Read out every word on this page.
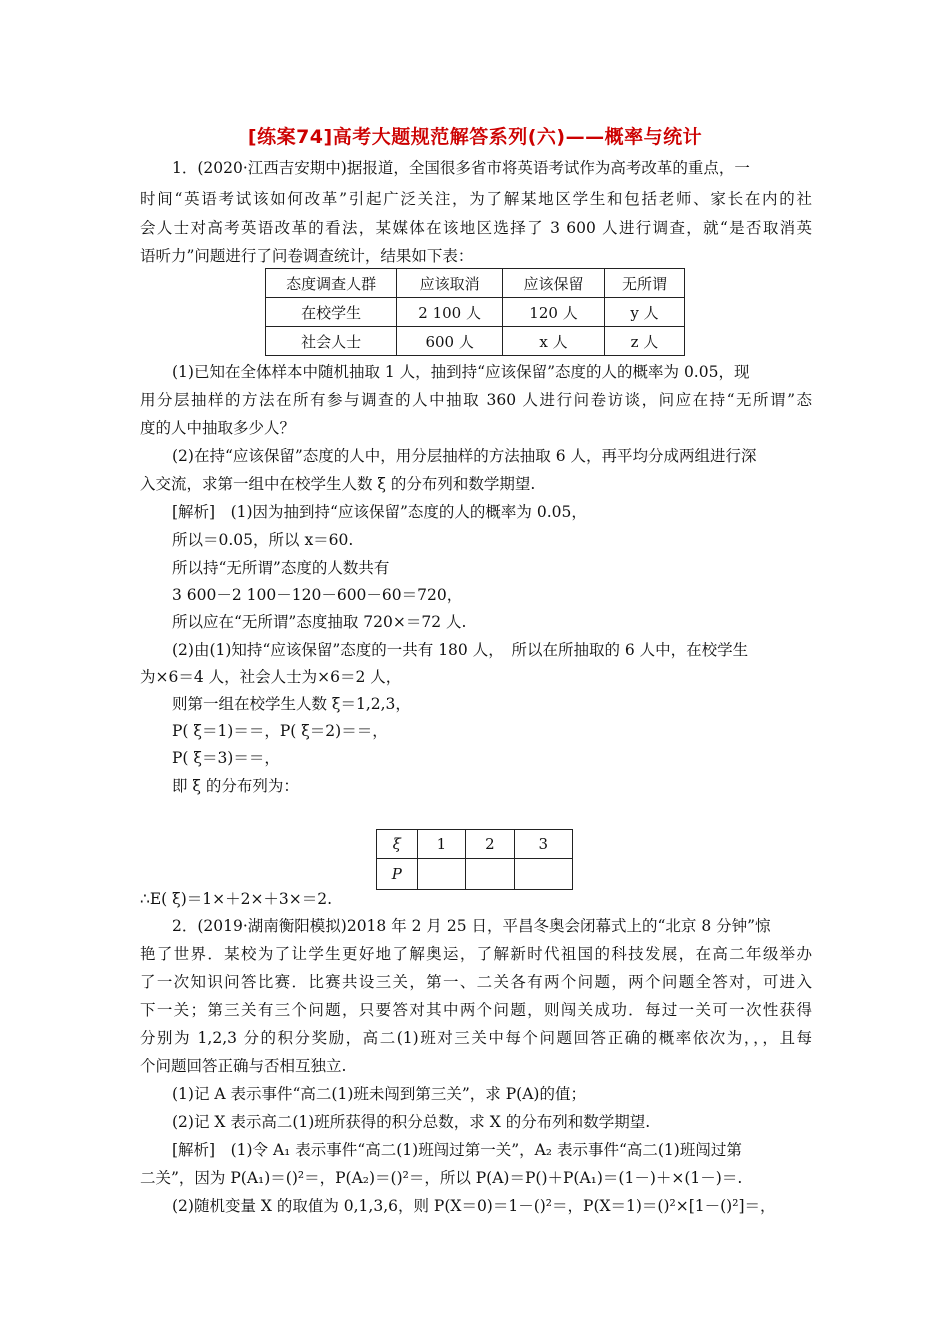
[练案74]高考大题规范解答系列(六)——概率与统计
1．(2020·江西吉安期中)据报道，全国很多省市将英语考试作为高考改革的重点，一
时间“英语考试该如何改革”引起广泛关注，为了解某地区学生和包括老师、家长在内的社
会人士对高考英语改革的看法，某媒体在该地区选择了 3 600 人进行调查，就“是否取消英
语听力”问题进行了问卷调查统计，结果如下表：
态度调查人群	应该取消	应该保留	无所谓
在校学生	2 100 人	120 人	y 人
社会人士	600 人	x 人	z 人
(1)已知在全体样本中随机抽取 1 人，抽到持“应该保留”态度的人的概率为 0.05，现
用分层抽样的方法在所有参与调查的人中抽取 360 人进行问卷访谈，问应在持“无所谓”态
度的人中抽取多少人？
(2)在持“应该保留”态度的人中，用分层抽样的方法抽取 6 人，再平均分成两组进行深
入交流，求第一组中在校学生人数 ξ 的分布列和数学期望.
[解析]　(1)因为抽到持“应该保留”态度的人的概率为 0.05，
所以＝0.05，所以 x＝60.
所以持“无所谓”态度的人数共有
3 600－2 100－120－600－60＝720，
所以应在“无所谓”态度抽取 720×＝72 人.
(2)由(1)知持“应该保留”态度的一共有 180 人，　所以在所抽取的 6 人中，在校学生
为×6＝4 人，社会人士为×6＝2 人，
则第一组在校学生人数 ξ＝1,2,3，
P( ξ＝1)＝＝，P( ξ＝2)＝＝，
P( ξ＝3)＝＝，
即 ξ 的分布列为：
ξ	1	2	3
P			
∴E( ξ)＝1×＋2×＋3×＝2.
2．(2019·湖南衡阳模拟)2018 年 2 月 25 日，平昌冬奥会闭幕式上的“北京 8 分钟”惊
艳了世界．某校为了让学生更好地了解奥运，了解新时代祖国的科技发展，在高二年级举办
了一次知识问答比赛．比赛共设三关，第一、二关各有两个问题，两个问题全答对，可进入
下一关；第三关有三个问题，只要答对其中两个问题，则闯关成功．每过一关可一次性获得
分别为 1,2,3 分的积分奖励，高二(1)班对三关中每个问题回答正确的概率依次为，，，且每
个问题回答正确与否相互独立.
(1)记 A 表示事件“高二(1)班未闯到第三关”，求 P(A)的值；
(2)记 X 表示高二(1)班所获得的积分总数，求 X 的分布列和数学期望.
[解析]　(1)令 A₁ 表示事件“高二(1)班闯过第一关”，A₂ 表示事件“高二(1)班闯过第
二关”，因为 P(A₁)＝()²＝，P(A₂)＝()²＝，所以 P(A)＝P()＋P(A₁)＝(1－)＋×(1－)＝.
(2)随机变量 X 的取值为 0,1,3,6，则 P(X＝0)＝1－()²＝，P(X＝1)＝()²×[1－()²]＝，
